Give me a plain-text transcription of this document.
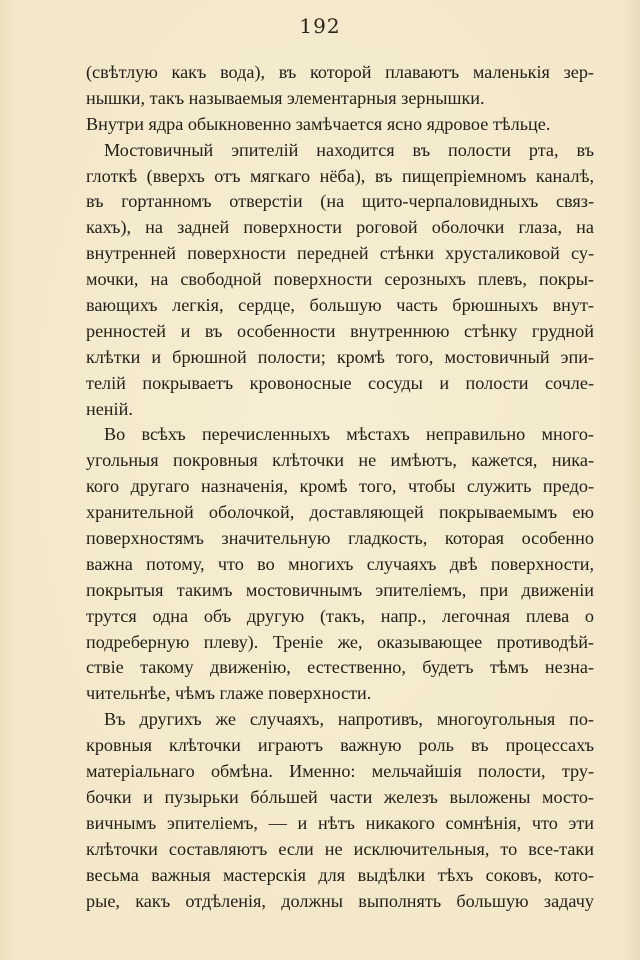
192
(свѣтлую какъ вода), въ которой плаваютъ маленькія зер-
нышки, такъ называемыя элементарныя зернышки.
Внутри ядра обыкновенно замѣчается ясно ядровое тѣльце.
Мостовичный эпителій находится въ полости рта, въ
глоткѣ (вверхъ отъ мягкаго нёба), въ пищепріемномъ каналѣ,
въ гортанномъ отверстіи (на щито-черпаловидныхъ связ-
кахъ), на задней поверхности роговой оболочки глаза, на
внутренней поверхности передней стѣнки хрусталиковой су-
мочки, на свободной поверхности серозныхъ плевъ, покры-
вающихъ легкія, сердце, большую часть брюшныхъ внут-
ренностей и въ особенности внутреннюю стѣнку грудной
клѣтки и брюшной полости; кромѣ того, мостовичный эпи-
телій покрываетъ кровоносные сосуды и полости сочле-
неній.
Во всѣхъ перечисленныхъ мѣстахъ неправильно много-
угольныя покровныя клѣточки не имѣютъ, кажется, ника-
кого другаго назначенія, кромѣ того, чтобы служить предо-
хранительной оболочкой, доставляющей покрываемымъ ею
поверхностямъ значительную гладкость, которая особенно
важна потому, что во многихъ случаяхъ двѣ поверхности,
покрытыя такимъ мостовичнымъ эпителіемъ, при движеніи
трутся одна объ другую (такъ, напр., легочная плева о
подреберную плеву). Треніе же, оказывающее противодѣй-
ствіе такому движенію, естественно, будетъ тѣмъ незна-
чительнѣе, чѣмъ глаже поверхности.
Въ другихъ же случаяхъ, напротивъ, многоугольныя по-
кровныя клѣточки играютъ важную роль въ процессахъ
матеріальнаго обмѣна. Именно: мельчайшія полости, тру-
бочки и пузырьки бóльшей части железъ выложены мосто-
вичнымъ эпителіемъ, — и нѣтъ никакого сомнѣнія, что эти
клѣточки составляютъ если не исключительныя, то все-таки
весьма важныя мастерскія для выдѣлки тѣхъ соковъ, кото-
рые, какъ отдѣленія, должны выполнять большую задачу
